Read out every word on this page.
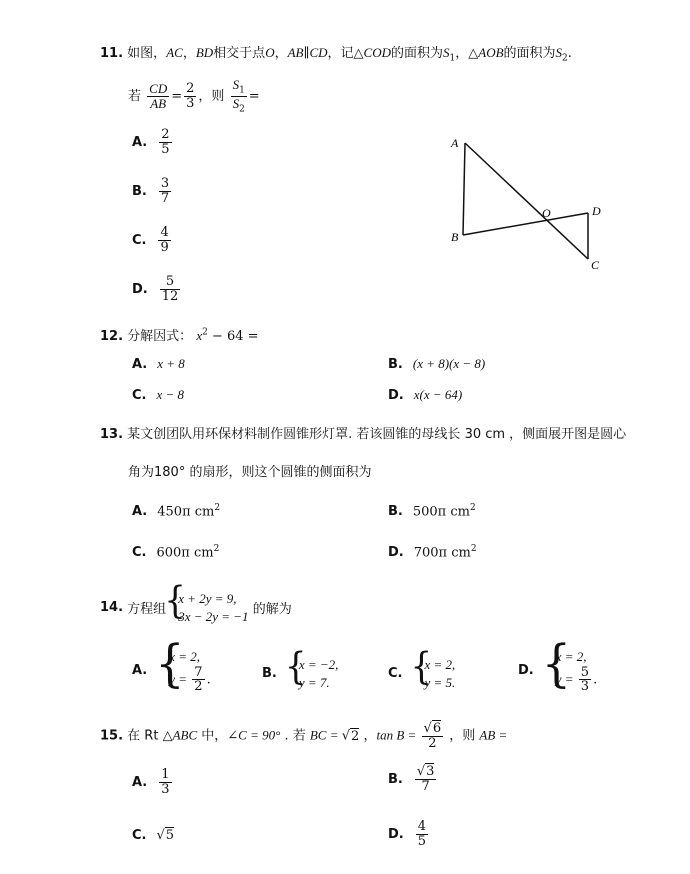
11. 如图，AC，BD相交于点O，AB∥CD，记△COD的面积为$S_1$，△AOB的面积为$S_2$.
若 $\frac{CD}{AB} = \frac{2}{3}$ ，则 $\frac{S_1}{S_2}$ =
A. $\frac{2}{5}$
B. $\frac{3}{7}$
C. $\frac{4}{9}$
D. $\frac{5}{12}$
A
B
O	D
C
12. 分解因式： $x^2 - 64$ =
A. x + 8	B. (x + 8)(x − 8)
C. x − 8	D. x(x − 64)
13. 某文创团队用环保材料制作圆锥形灯罩. 若该圆锥的母线长 30 cm ，侧面展开图是圆心
角为180° 的扇形，则这个圆锥的侧面积为
A. 450π $cm^2$	B. 500π $cm^2$
C. 600π $cm^2$	D. 700π $cm^2$
14. 方程组
{ x + 2y = 9,
3x − 2y = −1 的解为
A.
{ x = 2,
$y = \frac{7}{2}$ .	B.
{ x = −2,
y = 7.
C.
{ x = 2,
y = 5.
D.
{ x = 2,
$y = \frac{5}{3}$ .
15. 在 Rt △ABC 中，∠C = 90° . 若 BC = √2 ，$\tan B = \frac{√6}{2}$ ，则 AB =
A. $\frac{1}{3}$	B. $\frac{√3}{7}$
C. √5	D. $\frac{4}{5}$
